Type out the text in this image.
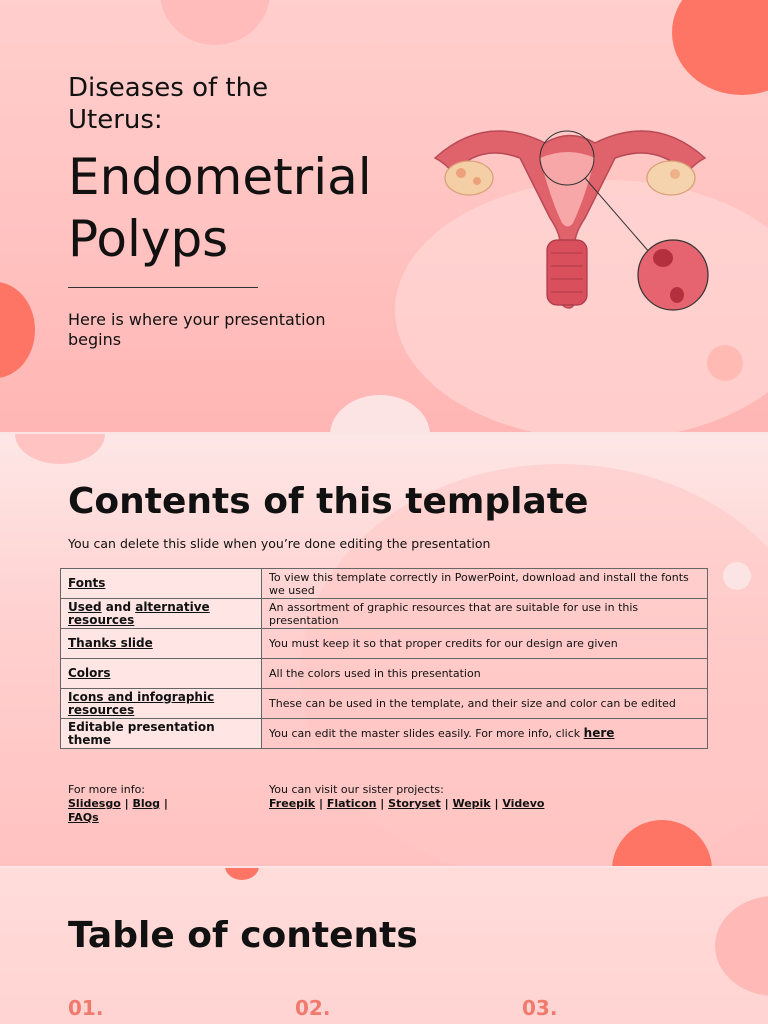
Diseases of the Uterus:
Endometrial Polyps
Here is where your presentation begins
Contents of this template
You can delete this slide when you’re done editing the presentation
Fonts	To view this template correctly in PowerPoint, download and install the fonts we used
Used and alternative resources	An assortment of graphic resources that are suitable for use in this presentation
Thanks slide	You must keep it so that proper credits for our design are given
Colors	All the colors used in this presentation
Icons and infographic resources	These can be used in the template, and their size and color can be edited
Editable presentation theme	You can edit the master slides easily. For more info, click here
For more info:
Slidesgo | Blog | FAQs
You can visit our sister projects:
Freepik | Flaticon | Storyset | Wepik | Videvo
Table of contents
01.	02.	03.
